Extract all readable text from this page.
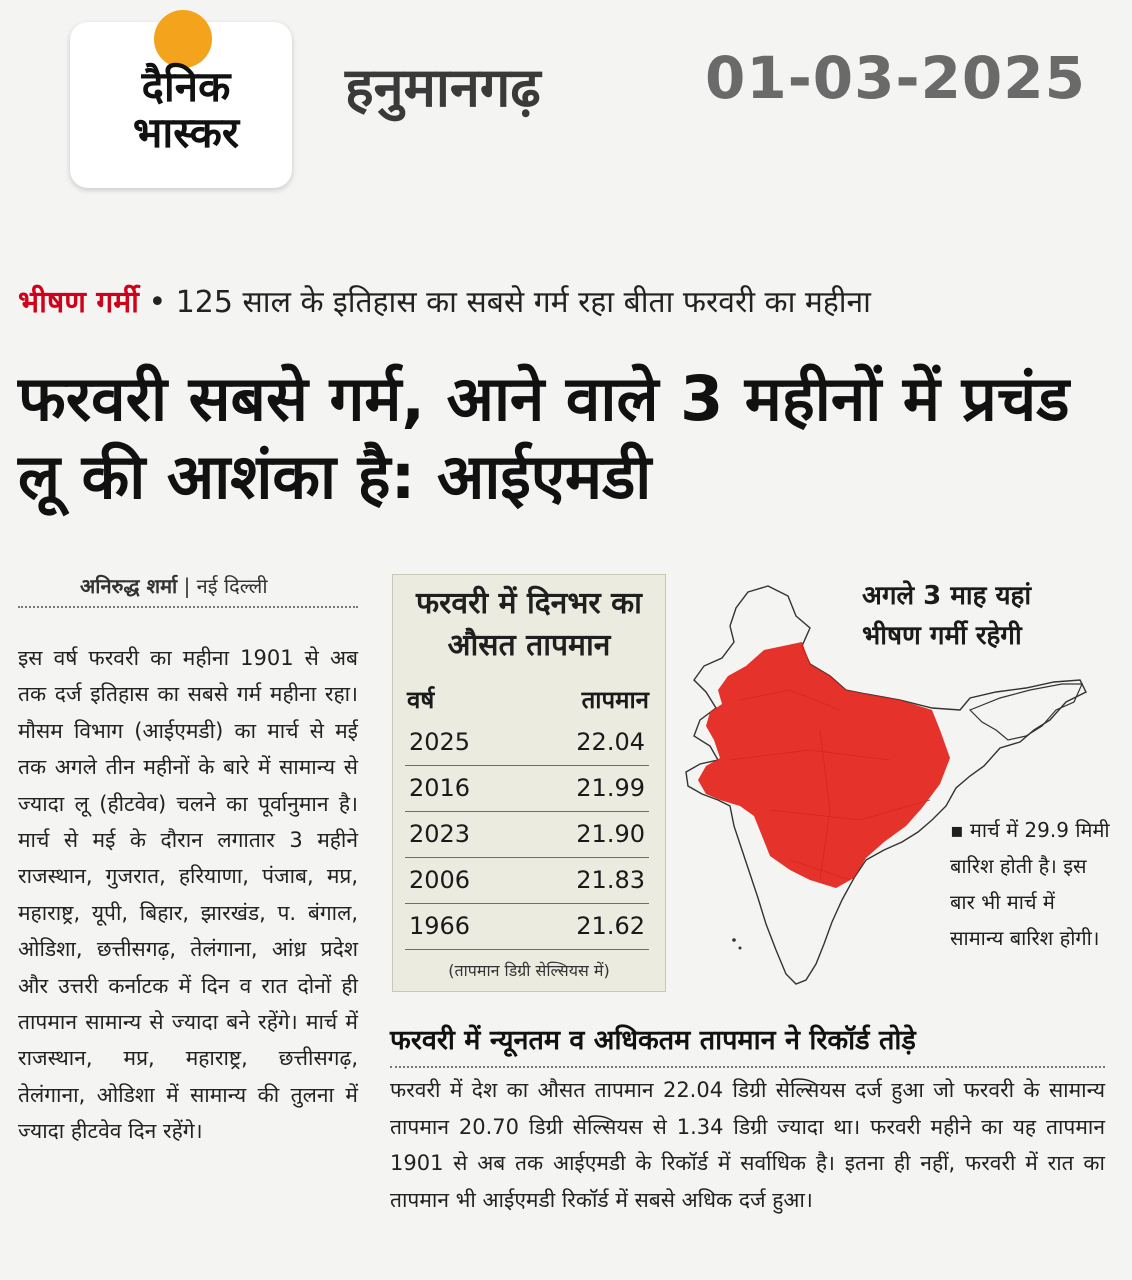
दैनिक
भास्कर
हनुमानगढ़	01-03-2025
भीषण गर्मी • 125 साल के इतिहास का सबसे गर्म रहा बीता फरवरी का महीना
फरवरी सबसे गर्म, आने वाले 3 महीनों में प्रचंड लू की आशंका है: आईएमडी
अनिरुद्ध शर्मा | नई दिल्ली
इस वर्ष फरवरी का महीना 1901 से अब तक दर्ज इतिहास का सबसे गर्म महीना रहा। मौसम विभाग (आईएमडी) का मार्च से मई तक अगले तीन महीनों के बारे में सामान्य से ज्यादा लू (हीटवेव) चलने का पूर्वानुमान है। मार्च से मई के दौरान लगातार 3 महीने राजस्थान, गुजरात, हरियाणा, पंजाब, मप्र, महाराष्ट्र, यूपी, बिहार, झारखंड, प. बंगाल, ओडिशा, छत्तीसगढ़, तेलंगाना, आंध्र प्रदेश और उत्तरी कर्नाटक में दिन व रात दोनों ही तापमान सामान्य से ज्यादा बने रहेंगे। मार्च में राजस्थान, मप्र, महाराष्ट्र, छत्तीसगढ़, तेलंगाना, ओडिशा में सामान्य की तुलना में ज्यादा हीटवेव दिन रहेंगे।
फरवरी में दिनभर का औसत तापमान
वर्ष	तापमान
2025	22.04
2016	21.99
2023	21.90
2006	21.83
1966	21.62
(तापमान डिग्री सेल्सियस में)
अगले 3 माह यहां भीषण गर्मी रहेगी
▪ मार्च में 29.9 मिमी बारिश होती है। इस बार भी मार्च में सामान्य बारिश होगी।
फरवरी में न्यूनतम व अधिकतम तापमान ने रिकॉर्ड तोड़े
फरवरी में देश का औसत तापमान 22.04 डिग्री सेल्सियस दर्ज हुआ जो फरवरी के सामान्य तापमान 20.70 डिग्री सेल्सियस से 1.34 डिग्री ज्यादा था। फरवरी महीने का यह तापमान 1901 से अब तक आईएमडी के रिकॉर्ड में सर्वाधिक है। इतना ही नहीं, फरवरी में रात का तापमान भी आईएमडी रिकॉर्ड में सबसे अधिक दर्ज हुआ।
